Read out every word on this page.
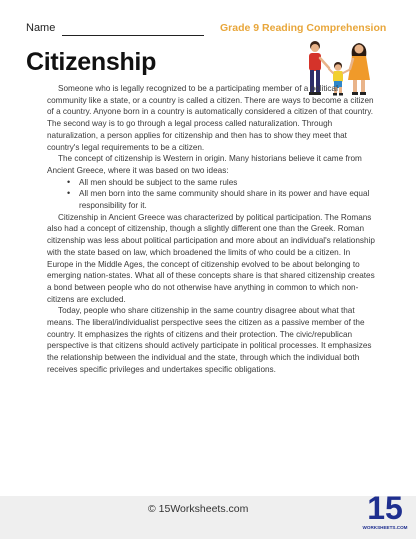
Name	Grade 9 Reading Comprehension
Citizenship

Someone who is legally recognized to be a participating member of a political community like a state, or a country is called a citizen. There are ways to become a citizen of a country. Anyone born in a country is automatically considered a citizen of that country. The second way is to go through a legal process called naturalization. Through naturalization, a person applies for citizenship and then has to show they meet that country's legal requirements to be a citizen.

The concept of citizenship is Western in origin. Many historians believe it came from Ancient Greece, where it was based on two ideas:

• All men should be subject to the same rules
• All men born into the same community should share in its power and have equal responsibility for it.

Citizenship in Ancient Greece was characterized by political participation. The Romans also had a concept of citizenship, though a slightly different one than the Greek. Roman citizenship was less about political participation and more about an individual's relationship with the state based on law, which broadened the limits of who could be a citizen. In Europe in the Middle Ages, the concept of citizenship evolved to be about belonging to emerging nation-states. What all of these concepts share is that shared citizenship creates a bond between people who do not otherwise have anything in common to which non-citizens are excluded.

Today, people who share citizenship in the same country disagree about what that means. The liberal/individualist perspective sees the citizen as a passive member of the country. It emphasizes the rights of citizens and their protection. The civic/republican perspective is that citizens should actively participate in political processes. It emphasizes the relationship between the individual and the state, through which the individual both receives specific privileges and undertakes specific obligations.

© 15Worksheets.com	15
WORKSHEETS.COM
